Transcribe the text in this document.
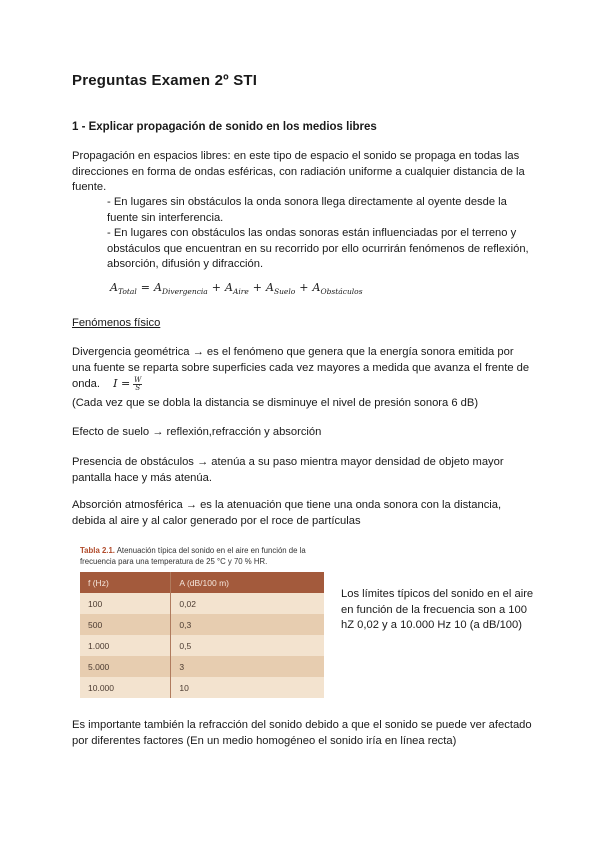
Preguntas Examen 2º STI
1 - Explicar propagación de sonido en los medios libres
Propagación en espacios libres: en este tipo de espacio el sonido se propaga en todas las direcciones en forma de ondas esféricas, con radiación uniforme a cualquier distancia de la fuente.
- En lugares sin obstáculos la onda sonora llega directamente al oyente desde la fuente sin interferencia.
- En lugares con obstáculos las ondas sonoras están influenciadas por el terreno y obstáculos que encuentran en su recorrido por ello ocurrirán fenómenos de reflexión, absorción, difusión y difracción.
$A_{Total} = A_{Divergencia} + A_{Aire} + A_{Suelo} + A_{Obstáculos}$
Fenómenos físico
Divergencia geométrica → es el fenómeno que genera que la energía sonora emitida por una fuente se reparta sobre superficies cada vez mayores a medida que avanza el frente de onda. $I = \frac{W}{S}$
(Cada vez que se dobla la distancia se disminuye el nivel de presión sonora 6 dB)
Efecto de suelo → reflexión,refracción y absorción
Presencia de obstáculos → atenúa a su paso mientra mayor densidad de objeto mayor pantalla hace y más atenúa.
Absorción atmosférica → es la atenuación que tiene una onda sonora con la distancia, debida al aire y al calor generado por el roce de partículas
Tabla 2.1. Atenuación típica del sonido en el aire en función de la frecuencia para una temperatura de 25 °C y 70 % HR.
f (Hz)	A (dB/100 m)
100	0,02
500	0,3
1.000	0,5
5.000	3
10.000	10
Los límites típicos del sonido en el aire en función de la frecuencia son a 100 hZ 0,02 y a 10.000 Hz 10 (a dB/100)
Es importante también la refracción del sonido debido a que el sonido se puede ver afectado por diferentes factores (En un medio homogéneo el sonido iría en línea recta)
